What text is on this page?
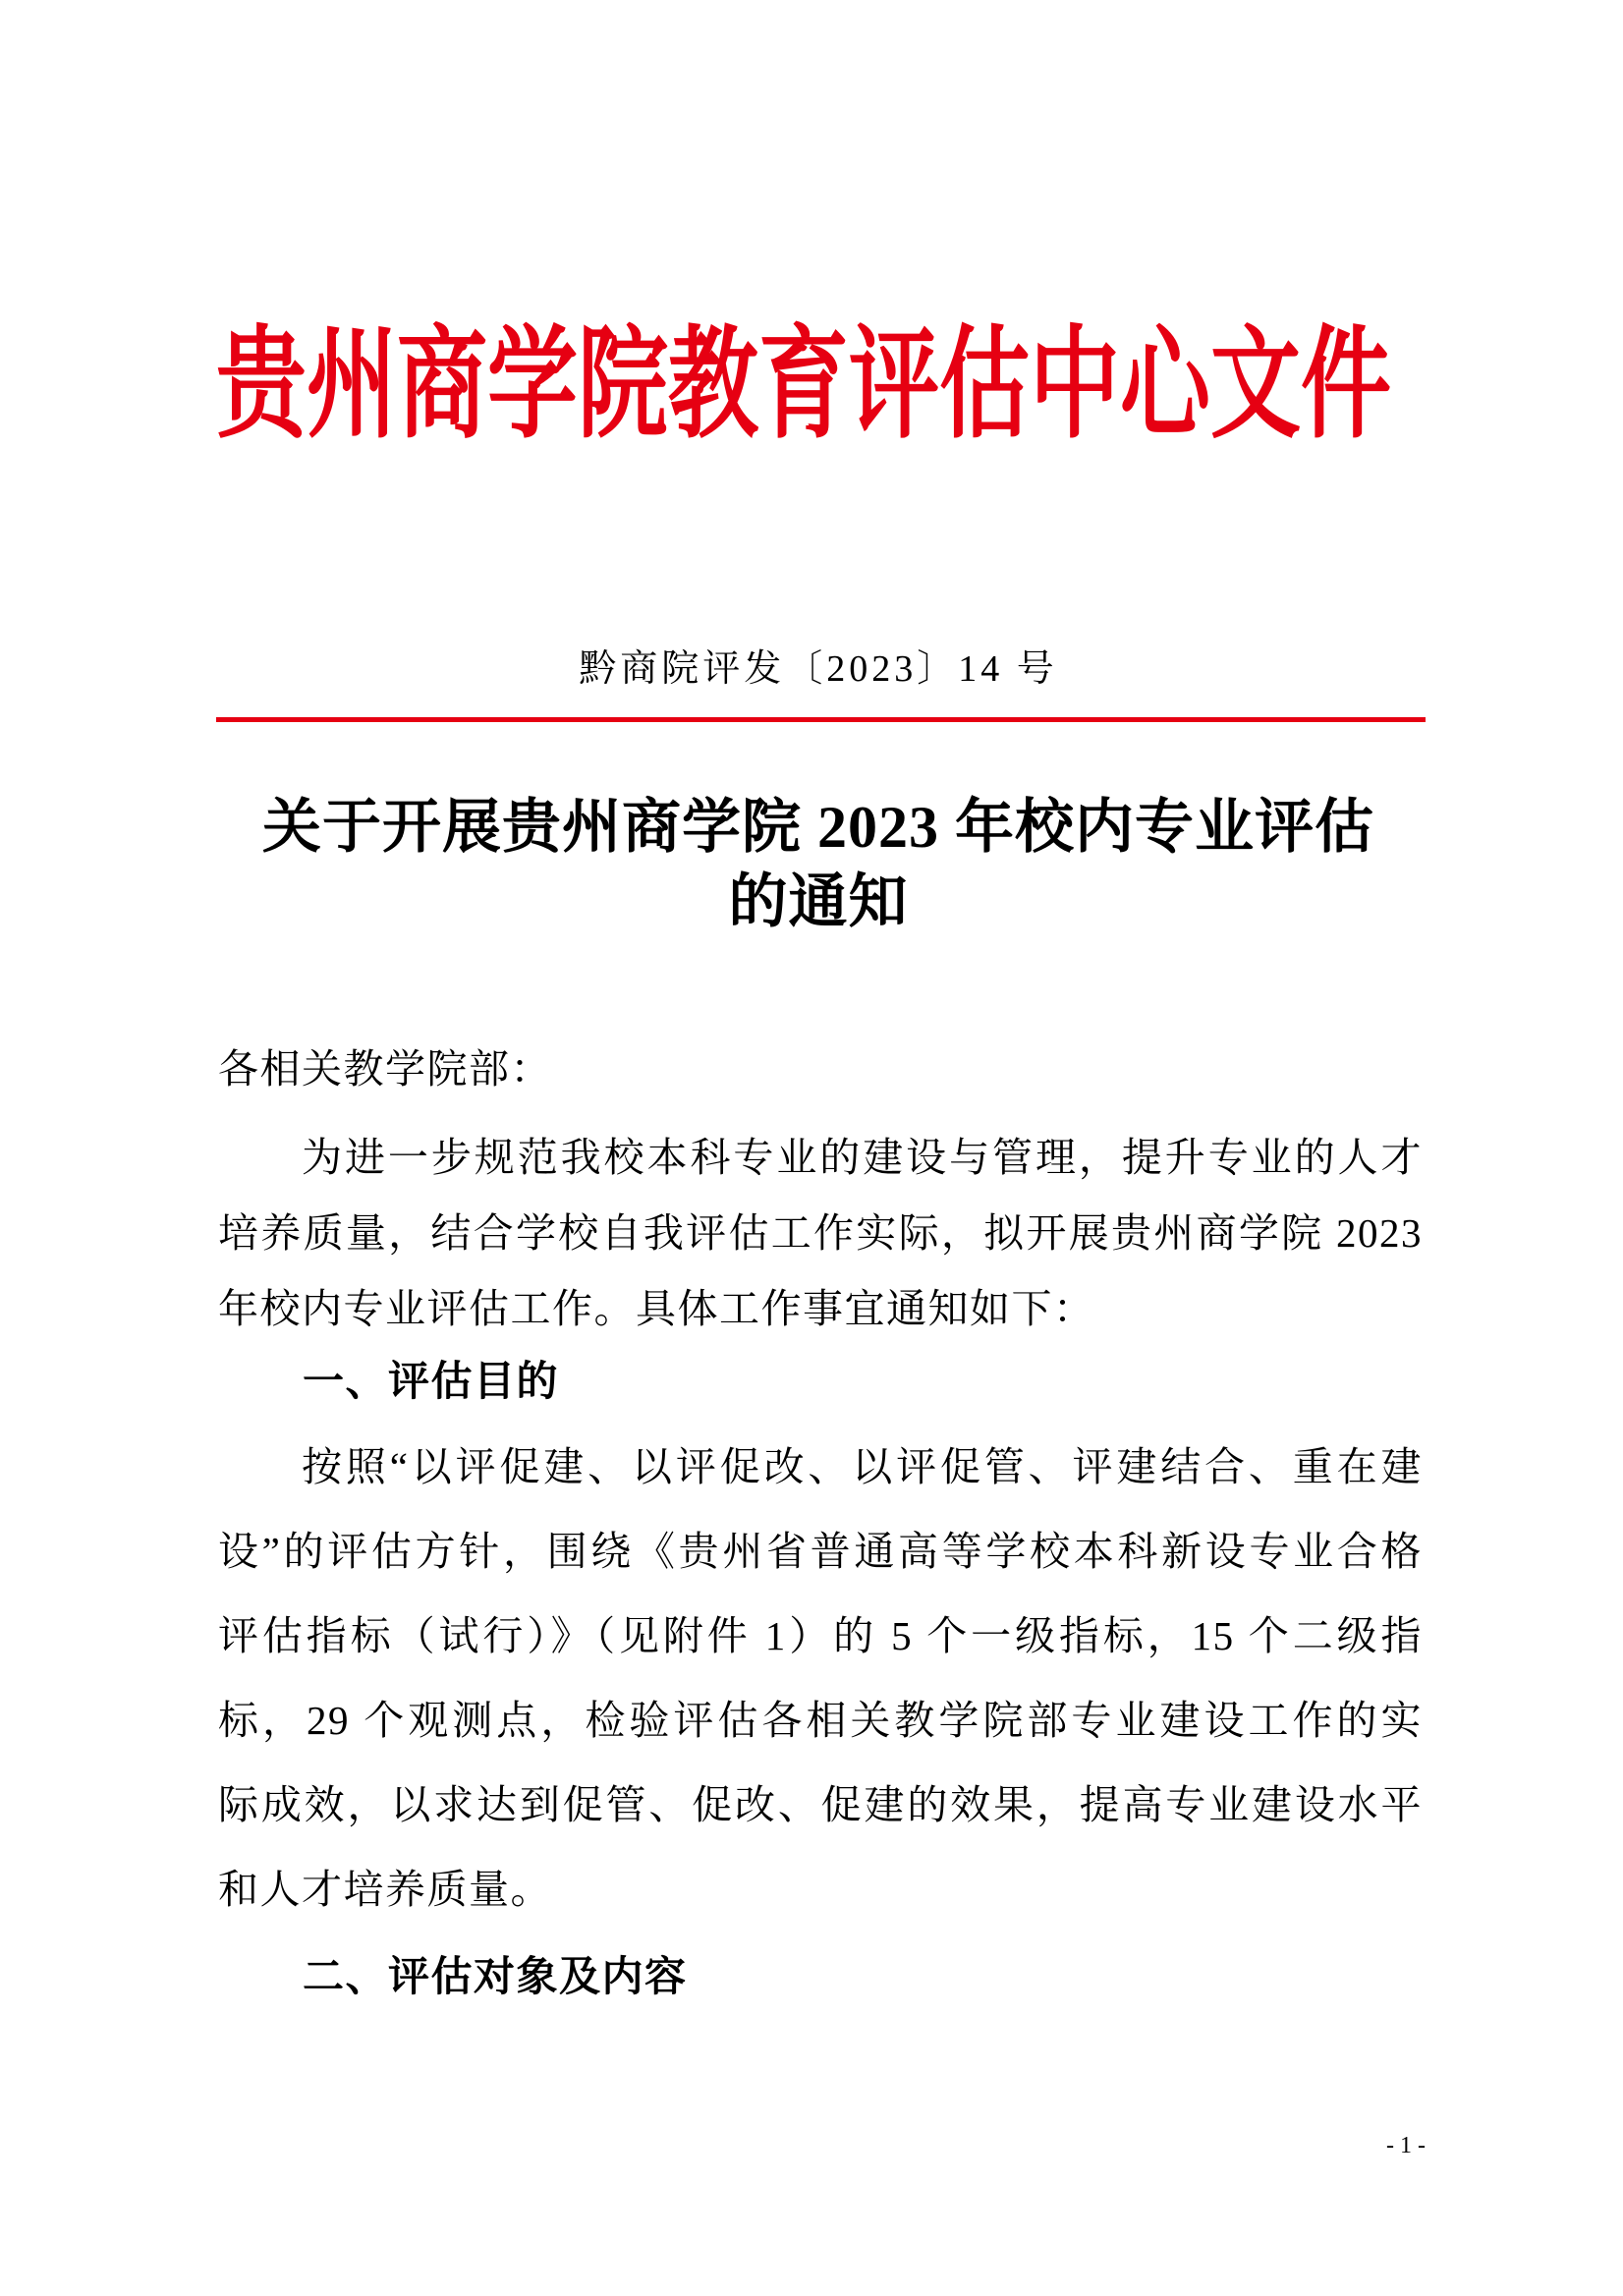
贵州商学院教育评估中心文件
黔商院评发〔2023〕14 号
关于开展贵州商学院 2023 年校内专业评估
的通知
各相关教学院部：
为进一步规范我校本科专业的建设与管理，提升专业的人才
培养质量，结合学校自我评估工作实际，拟开展贵州商学院 2023
年校内专业评估工作。具体工作事宜通知如下：
一、评估目的
按照“以评促建、以评促改、以评促管、评建结合、重在建
设”的评估方针，围绕《贵州省普通高等学校本科新设专业合格
评估指标（试行）》（见附件 1）的 5 个一级指标，15 个二级指
标，29 个观测点，检验评估各相关教学院部专业建设工作的实
际成效，以求达到促管、促改、促建的效果，提高专业建设水平
和人才培养质量。
二、评估对象及内容
- 1 -
